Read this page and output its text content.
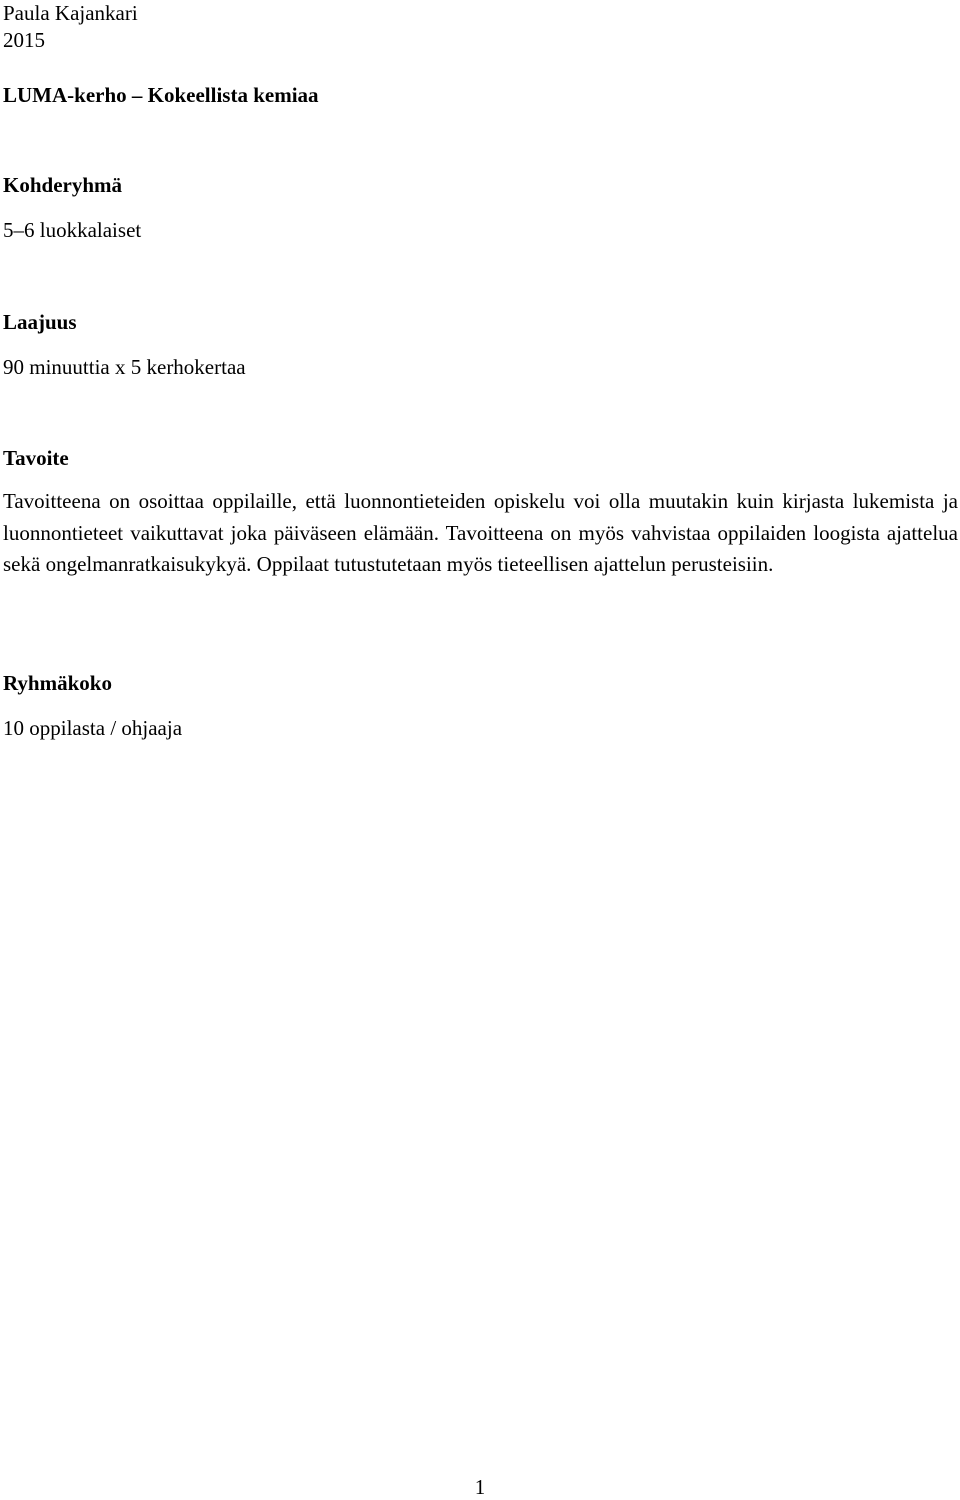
Paula Kajankari

2015

LUMA-kerho – Kokeellista kemiaa

Kohderyhmä

5–6 luokkalaiset

Laajuus

90 minuuttia x 5 kerhokertaa

Tavoite

Tavoitteena on osoittaa oppilaille, että luonnontieteiden opiskelu voi olla muutakin kuin kirjasta lukemista ja luonnontieteet vaikuttavat joka päiväseen elämään. Tavoitteena on myös vahvistaa oppilaiden loogista ajattelua sekä ongelmanratkaisukykyä. Oppilaat tutustutetaan myös tieteellisen ajattelun perusteisiin.

Ryhmäkoko

10 oppilasta / ohjaaja

1
